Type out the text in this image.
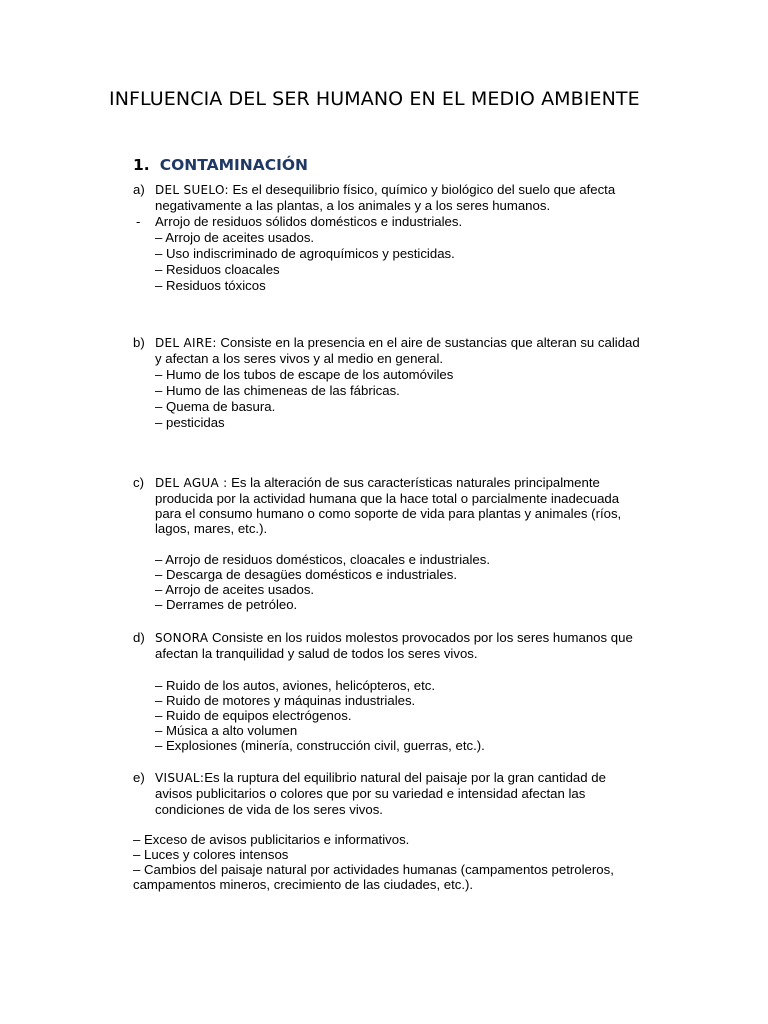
INFLUENCIA DEL SER HUMANO EN EL MEDIO AMBIENTE
1. CONTAMINACIÓN
a) DEL SUELO: Es el desequilibrio físico, químico y biológico del suelo que afecta
negativamente a las plantas, a los animales y a los seres humanos.
- Arrojo de residuos sólidos domésticos e industriales.
– Arrojo de aceites usados.
– Uso indiscriminado de agroquímicos y pesticidas.
– Residuos cloacales
– Residuos tóxicos
b) DEL AIRE: Consiste en la presencia en el aire de sustancias que alteran su calidad
y afectan a los seres vivos y al medio en general.
– Humo de los tubos de escape de los automóviles
– Humo de las chimeneas de las fábricas.
– Quema de basura.
– pesticidas
c) DEL AGUA : Es la alteración de sus características naturales principalmente
producida por la actividad humana que la hace total o parcialmente inadecuada
para el consumo humano o como soporte de vida para plantas y animales (ríos,
lagos, mares, etc.).
– Arrojo de residuos domésticos, cloacales e industriales.
– Descarga de desagües domésticos e industriales.
– Arrojo de aceites usados.
– Derrames de petróleo.
d) SONORA Consiste en los ruidos molestos provocados por los seres humanos que
afectan la tranquilidad y salud de todos los seres vivos.
– Ruido de los autos, aviones, helicópteros, etc.
– Ruido de motores y máquinas industriales.
– Ruido de equipos electrógenos.
– Música a alto volumen
– Explosiones (minería, construcción civil, guerras, etc.).
e) VISUAL:Es la ruptura del equilibrio natural del paisaje por la gran cantidad de
avisos publicitarios o colores que por su variedad e intensidad afectan las
condiciones de vida de los seres vivos.
– Exceso de avisos publicitarios e informativos.
– Luces y colores intensos
– Cambios del paisaje natural por actividades humanas (campamentos petroleros,
campamentos mineros, crecimiento de las ciudades, etc.).
